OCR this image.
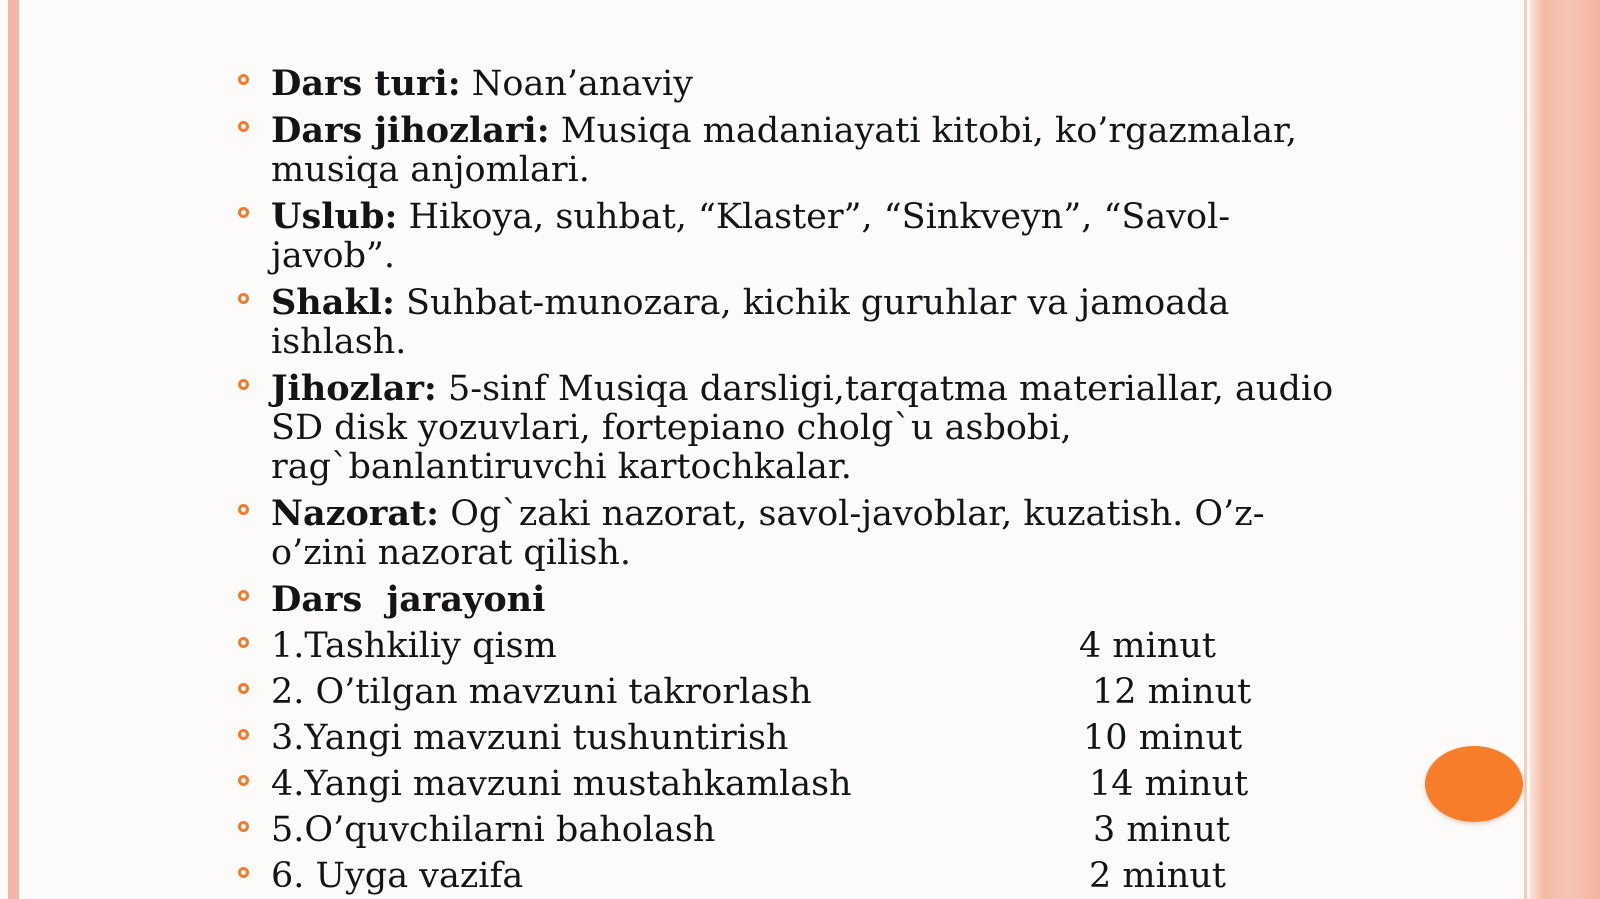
Dars turi: Noan’anaviy
Dars jihozlari: Musiqa madaniayati kitobi, ko’rgazmalar, musiqa anjomlari.
Uslub: Hikoya, suhbat, “Klaster”, “Sinkveyn”, “Savol-javob”.
Shakl: Suhbat-munozara, kichik guruhlar va jamoada ishlash.
Jihozlar: 5-sinf Musiqa darsligi,tarqatma materiallar, audio SD disk yozuvlari, fortepiano cholg`u asbobi, rag`banlantiruvchi kartochkalar.
Nazorat: Og`zaki nazorat, savol-javoblar, kuzatish. O’z-o’zini nazorat qilish.
Dars  jarayoni
1.Tashkiliy qism	4 minut
2. O’tilgan mavzuni takrorlash	12 minut
3.Yangi mavzuni tushuntirish	10 minut
4.Yangi mavzuni mustahkamlash	14 minut
5.O’quvchilarni baholash	3 minut
6. Uyga vazifa	2 minut
